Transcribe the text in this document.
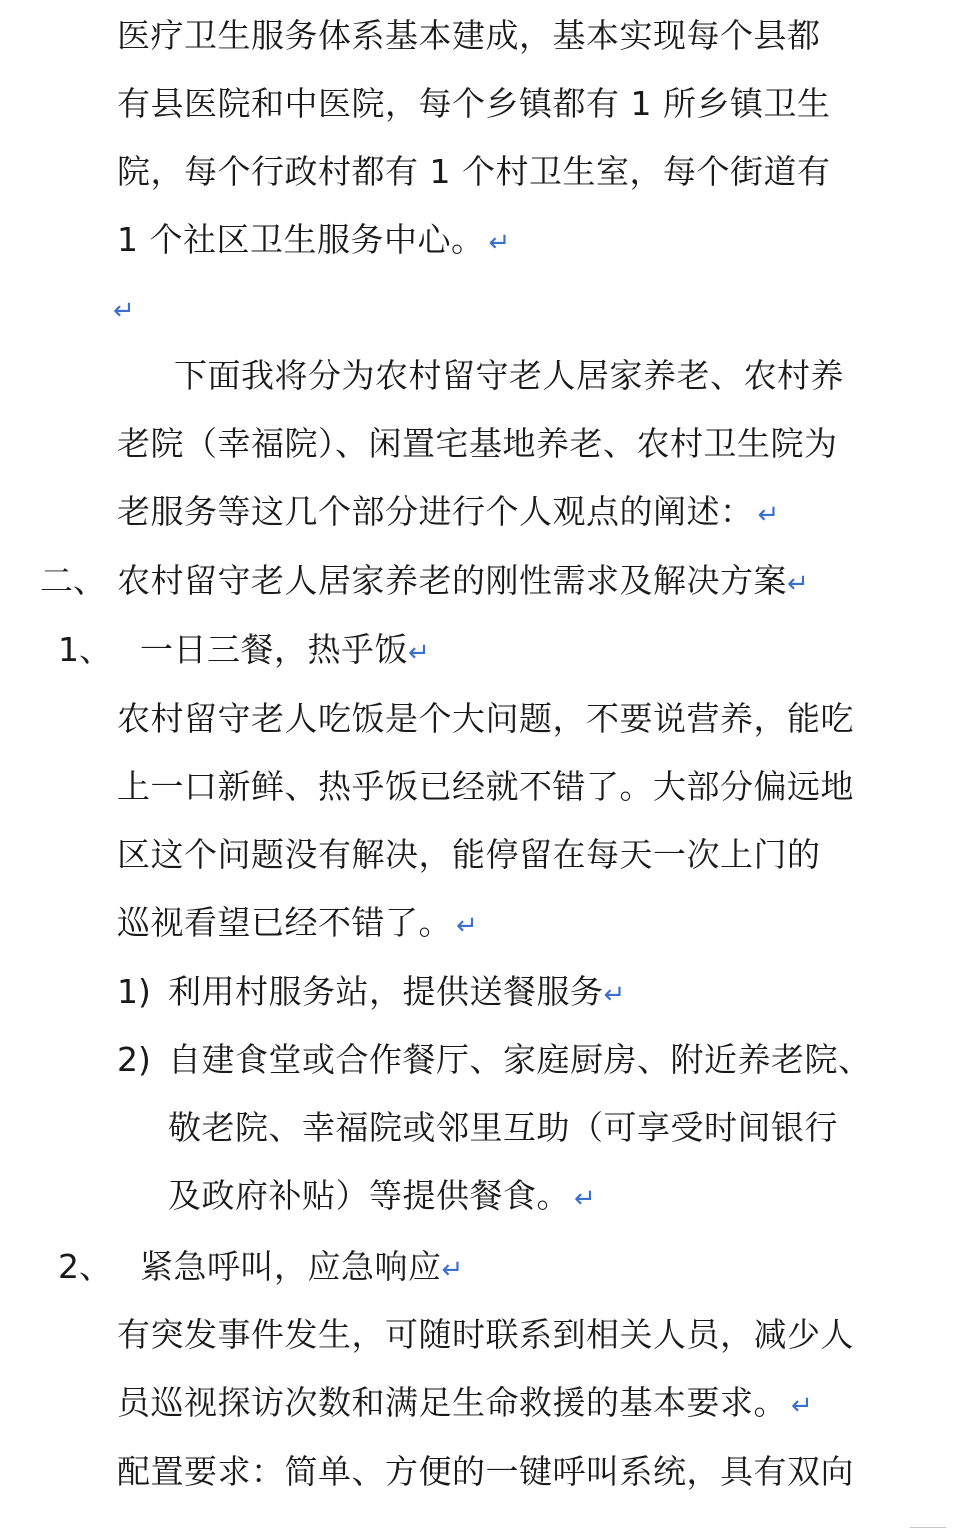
医疗卫生服务体系基本建成，基本实现每个县都
有县医院和中医院，每个乡镇都有 1 所乡镇卫生
院，每个行政村都有 1 个村卫生室，每个街道有
1 个社区卫生服务中心。↵
↵
下面我将分为农村留守老人居家养老、农村养
老院（幸福院）、闲置宅基地养老、农村卫生院为
老服务等这几个部分进行个人观点的阐述：↵
二、 农村留守老人居家养老的刚性需求及解决方案↵
1、 一日三餐，热乎饭↵
农村留守老人吃饭是个大问题，不要说营养，能吃
上一口新鲜、热乎饭已经就不错了。大部分偏远地
区这个问题没有解决，能停留在每天一次上门的
巡视看望已经不错了。↵
1) 利用村服务站，提供送餐服务↵
2) 自建食堂或合作餐厅、家庭厨房、附近养老院、
敬老院、幸福院或邻里互助（可享受时间银行
及政府补贴）等提供餐食。↵
2、 紧急呼叫，应急响应↵
有突发事件发生，可随时联系到相关人员，减少人
员巡视探访次数和满足生命救援的基本要求。↵
配置要求：简单、方便的一键呼叫系统，具有双向
